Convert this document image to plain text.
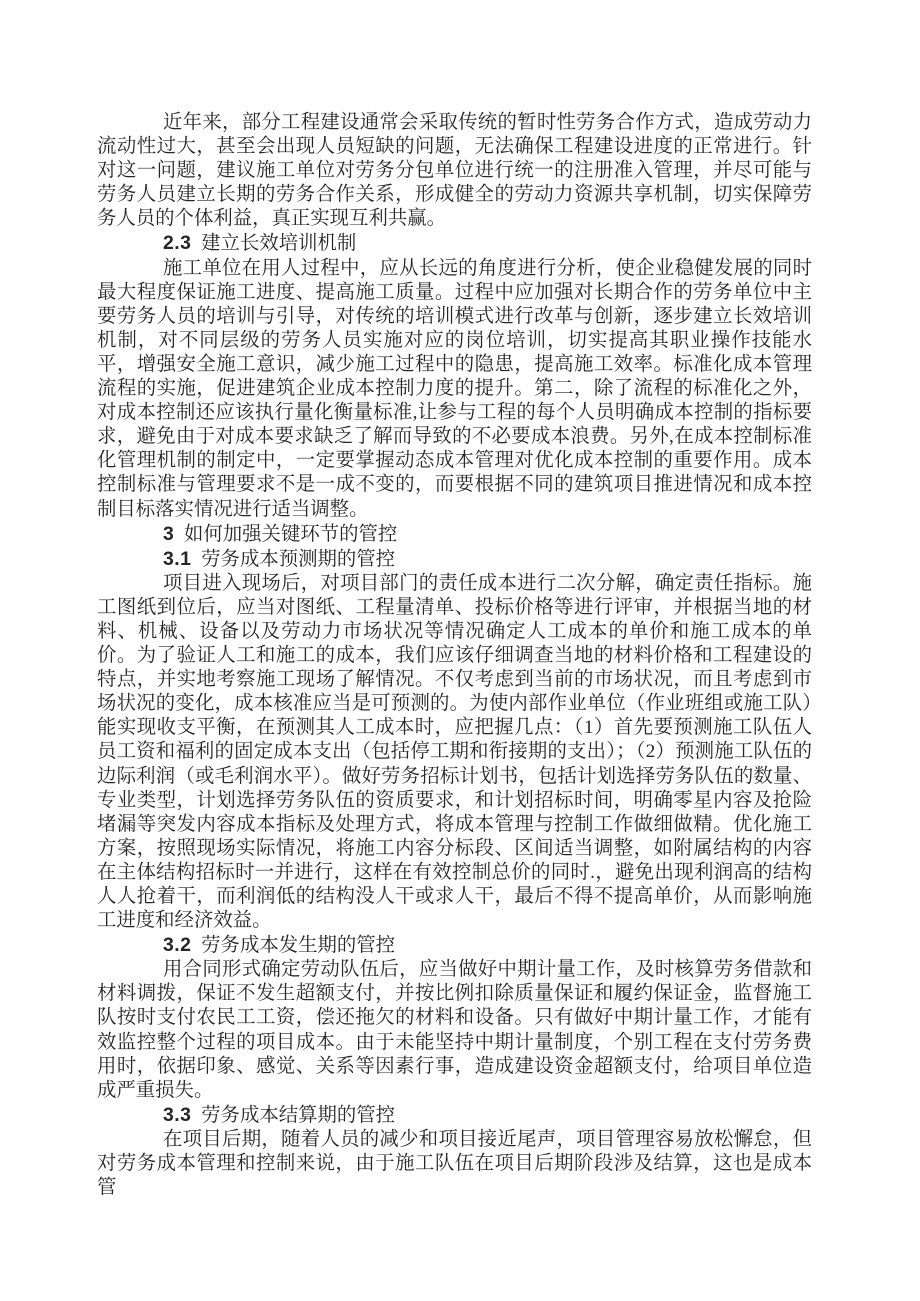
近年来，部分工程建设通常会采取传统的暂时性劳务合作方式，造成劳动力流动性过大，甚至会出现人员短缺的问题，无法确保工程建设进度的正常进行。针对这一问题，建议施工单位对劳务分包单位进行统一的注册准入管理，并尽可能与劳务人员建立长期的劳务合作关系，形成健全的劳动力资源共享机制，切实保障劳务人员的个体利益，真正实现互利共赢。

2.3 建立长效培训机制

施工单位在用人过程中，应从长远的角度进行分析，使企业稳健发展的同时最大程度保证施工进度、提高施工质量。过程中应加强对长期合作的劳务单位中主要劳务人员的培训与引导，对传统的培训模式进行改革与创新，逐步建立长效培训机制，对不同层级的劳务人员实施对应的岗位培训，切实提高其职业操作技能水平，增强安全施工意识，减少施工过程中的隐患，提高施工效率。标准化成本管理流程的实施，促进建筑企业成本控制力度的提升。第二，除了流程的标准化之外，对成本控制还应该执行量化衡量标准,让参与工程的每个人员明确成本控制的指标要求，避免由于对成本要求缺乏了解而导致的不必要成本浪费。另外,在成本控制标准化管理机制的制定中，一定要掌握动态成本管理对优化成本控制的重要作用。成本控制标准与管理要求不是一成不变的，而要根据不同的建筑项目推进情况和成本控制目标落实情况进行适当调整。

3 如何加强关键环节的管控

3.1 劳务成本预测期的管控

项目进入现场后，对项目部门的责任成本进行二次分解，确定责任指标。施工图纸到位后，应当对图纸、工程量清单、投标价格等进行评审，并根据当地的材料、机械、设备以及劳动力市场状况等情况确定人工成本的单价和施工成本的单价。为了验证人工和施工的成本，我们应该仔细调查当地的材料价格和工程建设的特点，并实地考察施工现场了解情况。不仅考虑到当前的市场状况，而且考虑到市场状况的变化，成本核准应当是可预测的。为使内部作业单位（作业班组或施工队）能实现收支平衡，在预测其人工成本时，应把握几点：（1）首先要预测施工队伍人员工资和福利的固定成本支出（包括停工期和衔接期的支出）；（2）预测施工队伍的边际利润（或毛利润水平）。做好劳务招标计划书，包括计划选择劳务队伍的数量、专业类型，计划选择劳务队伍的资质要求，和计划招标时间，明确零星内容及抢险堵漏等突发内容成本指标及处理方式，将成本管理与控制工作做细做精。优化施工方案，按照现场实际情况，将施工内容分标段、区间适当调整，如附属结构的内容在主体结构招标时一并进行，这样在有效控制总价的同时.，避免出现利润高的结构人人抢着干，而利润低的结构没人干或求人干，最后不得不提高单价，从而影响施工进度和经济效益。

3.2 劳务成本发生期的管控

用合同形式确定劳动队伍后，应当做好中期计量工作，及时核算劳务借款和材料调拨，保证不发生超额支付，并按比例扣除质量保证和履约保证金，监督施工队按时支付农民工工资，偿还拖欠的材料和设备。只有做好中期计量工作，才能有效监控整个过程的项目成本。由于未能坚持中期计量制度，个别工程在支付劳务费用时，依据印象、感觉、关系等因素行事，造成建设资金超额支付，给项目单位造成严重损失。

3.3 劳务成本结算期的管控

在项目后期，随着人员的减少和项目接近尾声，项目管理容易放松懈怠，但对劳务成本管理和控制来说，由于施工队伍在项目后期阶段涉及结算，这也是成本管
